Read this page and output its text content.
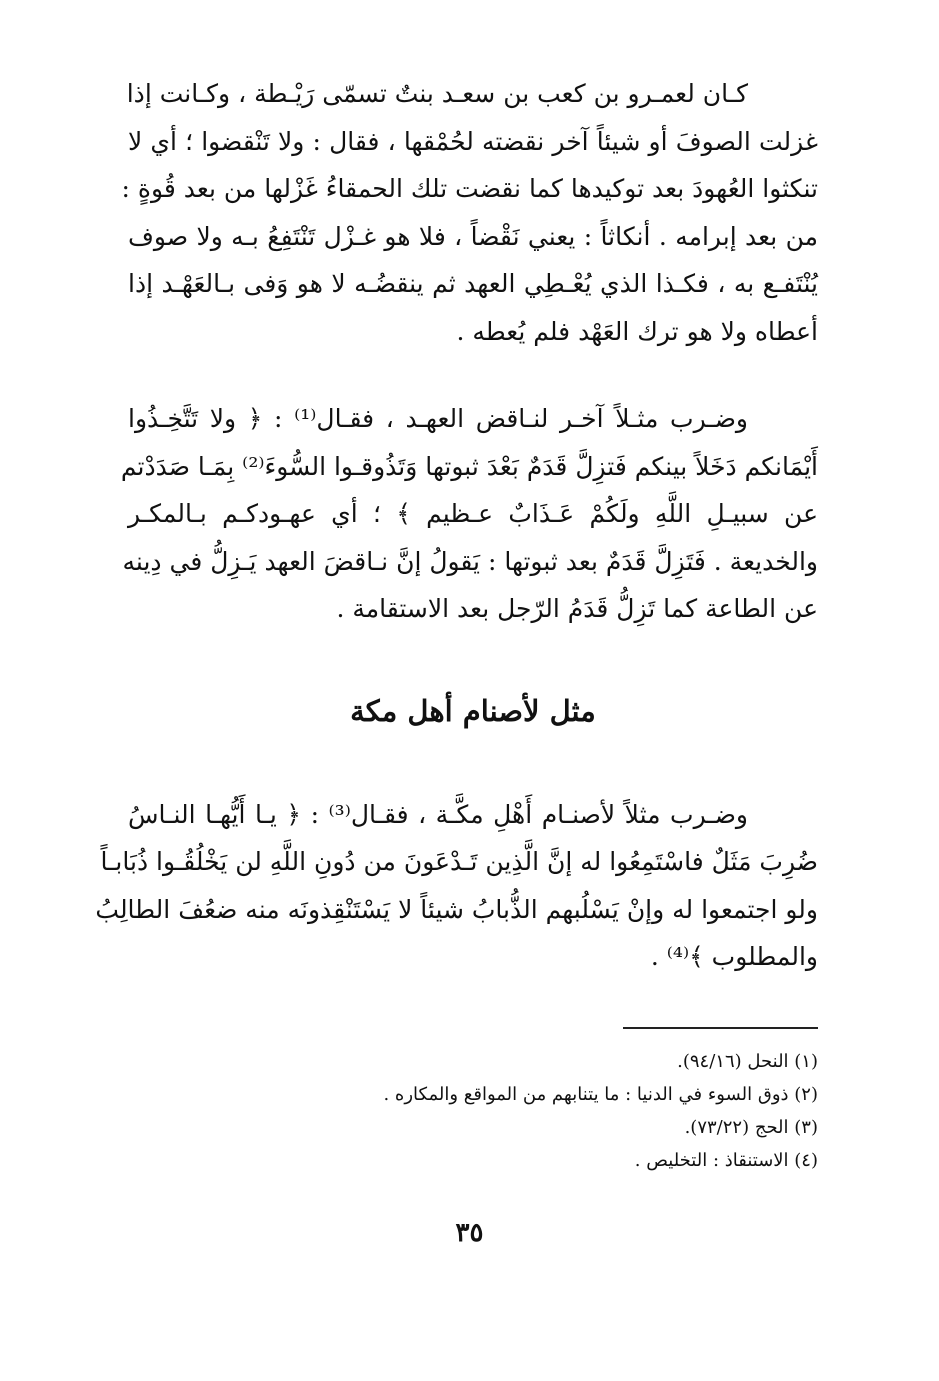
كـان لعمـرو بن كعب بن سعـد بنتٌ تسمّى رَيْـطة ، وكـانت إذا
غزلت الصوفَ أو شيئاً آخر نقضته لحُمْقها ، فقال : ولا تَنْقضوا ؛ أي لا
تنكثوا العُهودَ بعد توكيدها كما نقضت تلك الحمقاءُ غَزْلها من بعد قُوةٍ :
من بعد إبرامه . أنكاثاً : يعني نَقْضاً ، فلا هو غـزْل تَنْتَفِعُ بـه ولا صوف
يُنْتَفـع به ، فكـذا الذي يُعْـطِي العهد ثم ينقضُـه لا هو وَفى بـالعَهْـد إذا
أعطاه ولا هو ترك العَهْد فلم يُعطه .

وضـرب مثـلاً آخـر لنـاقض العهـد ، فقـال⁽¹⁾ : ﴿ ولا تَتَّخِـذُوا
أَيْمَانكم دَخَلاً بينكم فَتزِلَّ قَدَمٌ بَعْدَ ثبوتها وَتَذُوقـوا السُّوءَ⁽²⁾ بِمَـا صَدَدْتم
عن سبيـلِ اللَّهِ ولَكُمْ عَـذَابٌ عـظيم ﴾ ؛ أي عهـودكـم بـالمكـر
والخديعة . فَتَزِلَّ قَدَمٌ بعد ثبوتها : يَقولُ إنَّ نـاقضَ العهد يَـزِلُّ في دِينه
عن الطاعة كما تَزِلُّ قَدَمُ الرّجل بعد الاستقامة .

مثل لأصنام أهل مكة

وضـرب مثلاً لأصنـام أَهْلِ مكَّـة ، فقـال⁽³⁾ : ﴿ يـا أَيُّهـا النـاسُ
ضُرِبَ مَثَلٌ فاسْتَمِعُوا له إنَّ الَّذِين تَـدْعَونَ من دُونِ اللَّهِ لن يَخْلُقُـوا ذُبَابـاً
ولو اجتمعوا له وإنْ يَسْلُبهم الذُّبابُ شيئاً لا يَسْتَنْقِذونَه منه ضعُفَ الطالِبُ
والمطلوب ﴾⁽⁴⁾ .

(١) النحل (٩٤/١٦).
(٢) ذوق السوء في الدنيا : ما يتنابهم من المواقع والمكاره .
(٣) الحج (٧٣/٢٢).
(٤) الاستنقاذ : التخليص .
٣٥
